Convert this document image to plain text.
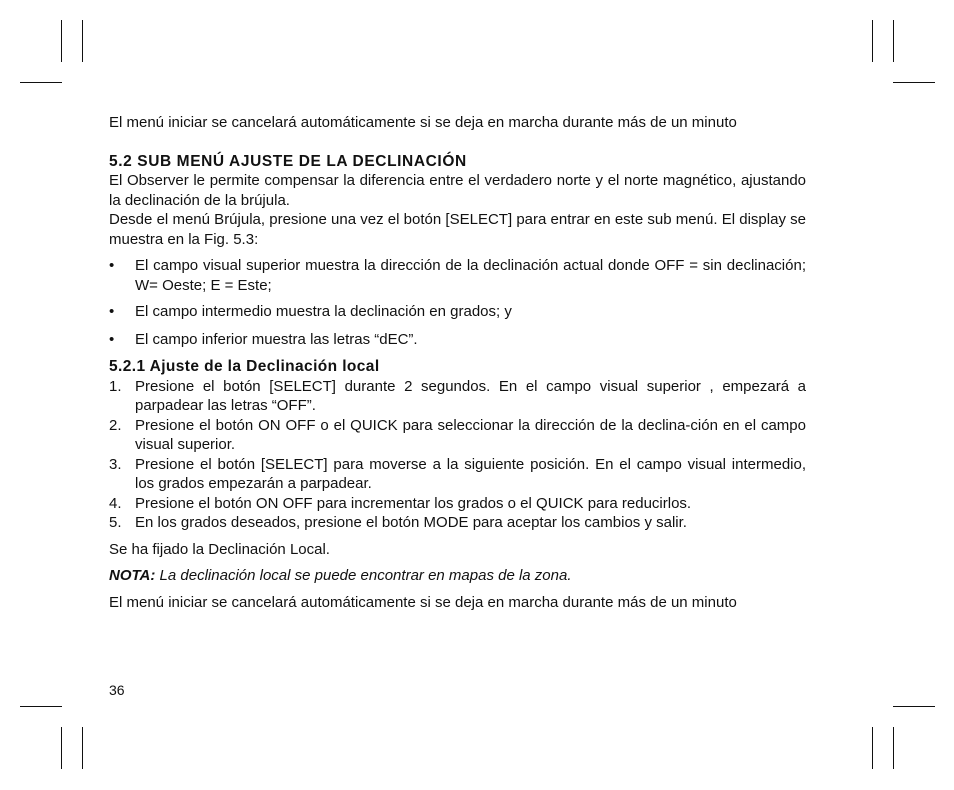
El menú iniciar se cancelará automáticamente si se deja en marcha durante más de un minuto

5.2 SUB MENÚ AJUSTE DE LA DECLINACIÓN

El Observer le permite compensar la diferencia entre el verdadero norte y el norte magnético, ajustando la declinación de la brújula.

Desde el menú Brújula, presione una vez el botón [SELECT] para entrar en este sub menú. El display se muestra en la Fig. 5.3:

• El campo visual superior muestra la dirección de la declinación actual donde OFF = sin declinación; W= Oeste; E = Este;

• El campo intermedio muestra la declinación en grados; y

• El campo inferior muestra las letras “dEC”.

5.2.1 Ajuste de la Declinación local

1. Presione el botón [SELECT] durante 2 segundos. En el campo visual superior , empezará a parpadear las letras “OFF”.

2. Presione el botón ON OFF o el QUICK para seleccionar la dirección de la declina-ción en el campo visual superior.

3. Presione el botón [SELECT] para moverse a la siguiente posición. En el campo visual intermedio, los grados empezarán a parpadear.

4. Presione el botón ON OFF para incrementar los grados o el QUICK para reducirlos.

5. En los grados deseados, presione el botón MODE para aceptar los cambios y salir.

Se ha fijado la Declinación Local.

NOTA: La declinación local se puede encontrar en mapas de la zona.

El menú iniciar se cancelará automáticamente si se deja en marcha durante más de un minuto

36
